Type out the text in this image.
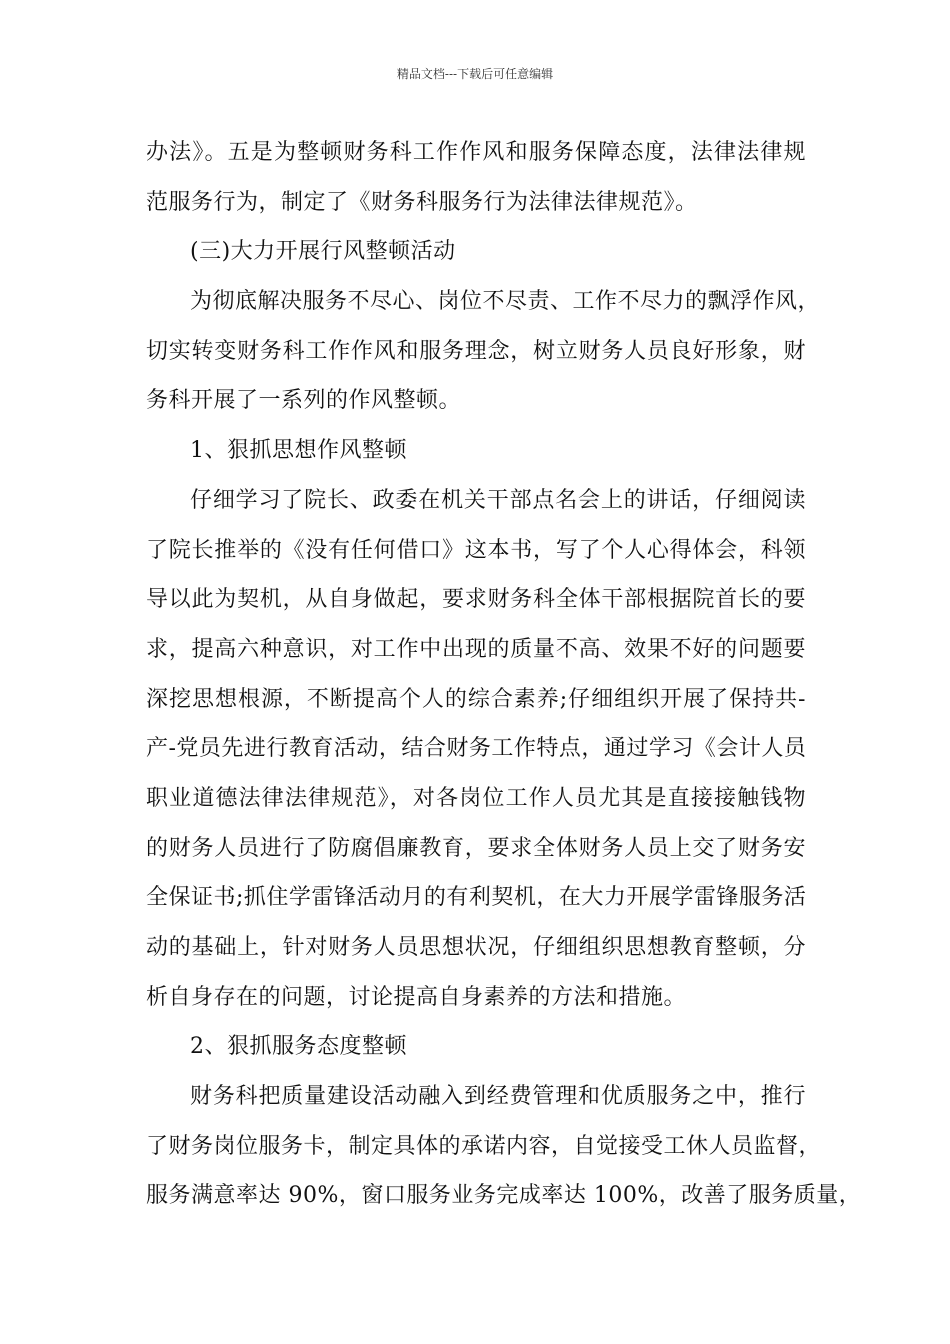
精品文档---下载后可任意编辑
办法》。五是为整顿财务科工作作风和服务保障态度，法律法律规
范服务行为，制定了《财务科服务行为法律法律规范》。
(三)大力开展行风整顿活动
为彻底解决服务不尽心、岗位不尽责、工作不尽力的飘浮作风，
切实转变财务科工作作风和服务理念，树立财务人员良好形象，财
务科开展了一系列的作风整顿。
1、狠抓思想作风整顿
仔细学习了院长、政委在机关干部点名会上的讲话，仔细阅读
了院长推举的《没有任何借口》这本书，写了个人心得体会，科领
导以此为契机，从自身做起，要求财务科全体干部根据院首长的要
求，提高六种意识，对工作中出现的质量不高、效果不好的问题要
深挖思想根源，不断提高个人的综合素养;仔细组织开展了保持共-
产-党员先进行教育活动，结合财务工作特点，通过学习《会计人员
职业道德法律法律规范》，对各岗位工作人员尤其是直接接触钱物
的财务人员进行了防腐倡廉教育，要求全体财务人员上交了财务安
全保证书;抓住学雷锋活动月的有利契机，在大力开展学雷锋服务活
动的基础上，针对财务人员思想状况，仔细组织思想教育整顿，分
析自身存在的问题，讨论提高自身素养的方法和措施。
2、狠抓服务态度整顿
财务科把质量建设活动融入到经费管理和优质服务之中，推行
了财务岗位服务卡，制定具体的承诺内容，自觉接受工休人员监督，
服务满意率达 90%，窗口服务业务完成率达 100%，改善了服务质量，
